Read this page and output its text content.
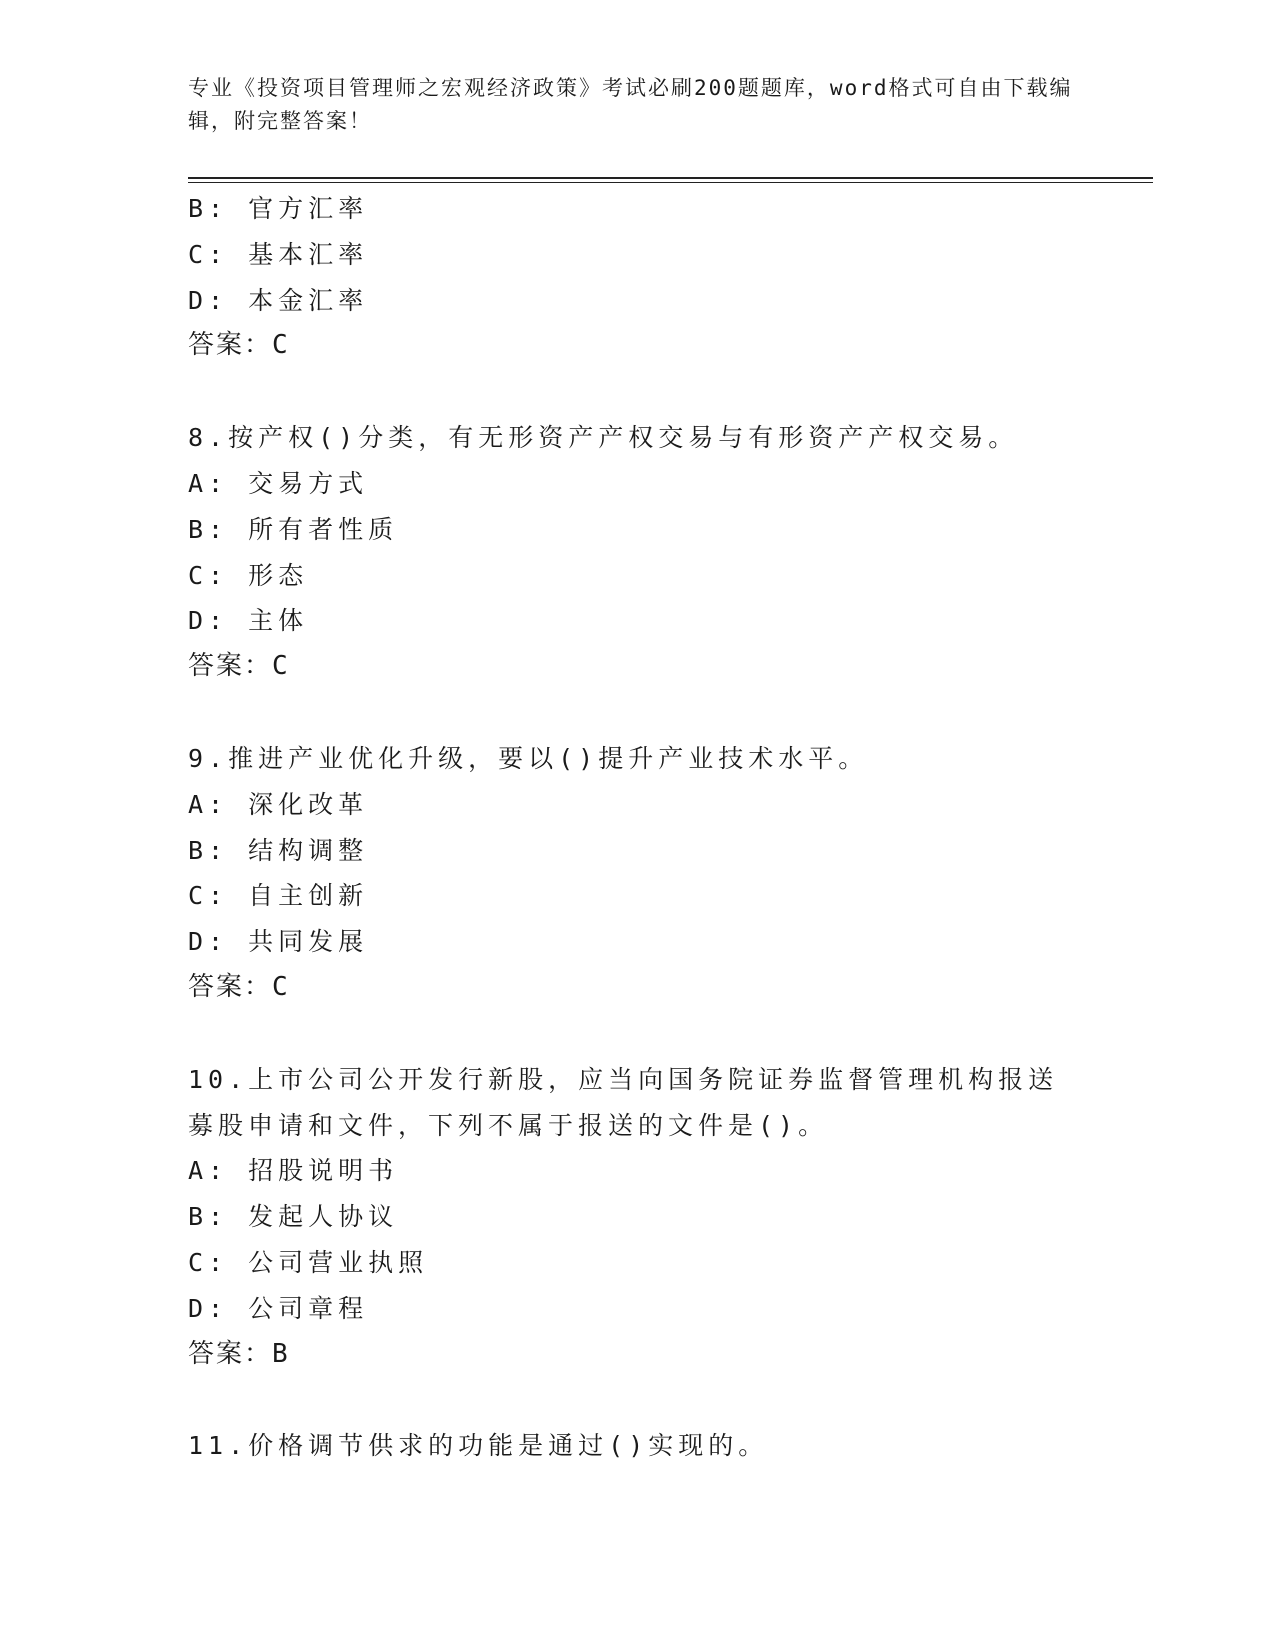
专业《投资项目管理师之宏观经济政策》考试必刷200题题库，word格式可自由下载编辑，附完整答案！
B: 官方汇率
C: 基本汇率
D: 本金汇率
答案：C
8.按产权()分类，有无形资产产权交易与有形资产产权交易。
A: 交易方式
B: 所有者性质
C: 形态
D: 主体
答案：C
9.推进产业优化升级，要以()提升产业技术水平。
A: 深化改革
B: 结构调整
C: 自主创新
D: 共同发展
答案：C
10.上市公司公开发行新股，应当向国务院证券监督管理机构报送募股申请和文件，下列不属于报送的文件是()。
A: 招股说明书
B: 发起人协议
C: 公司营业执照
D: 公司章程
答案：B
11.价格调节供求的功能是通过()实现的。
